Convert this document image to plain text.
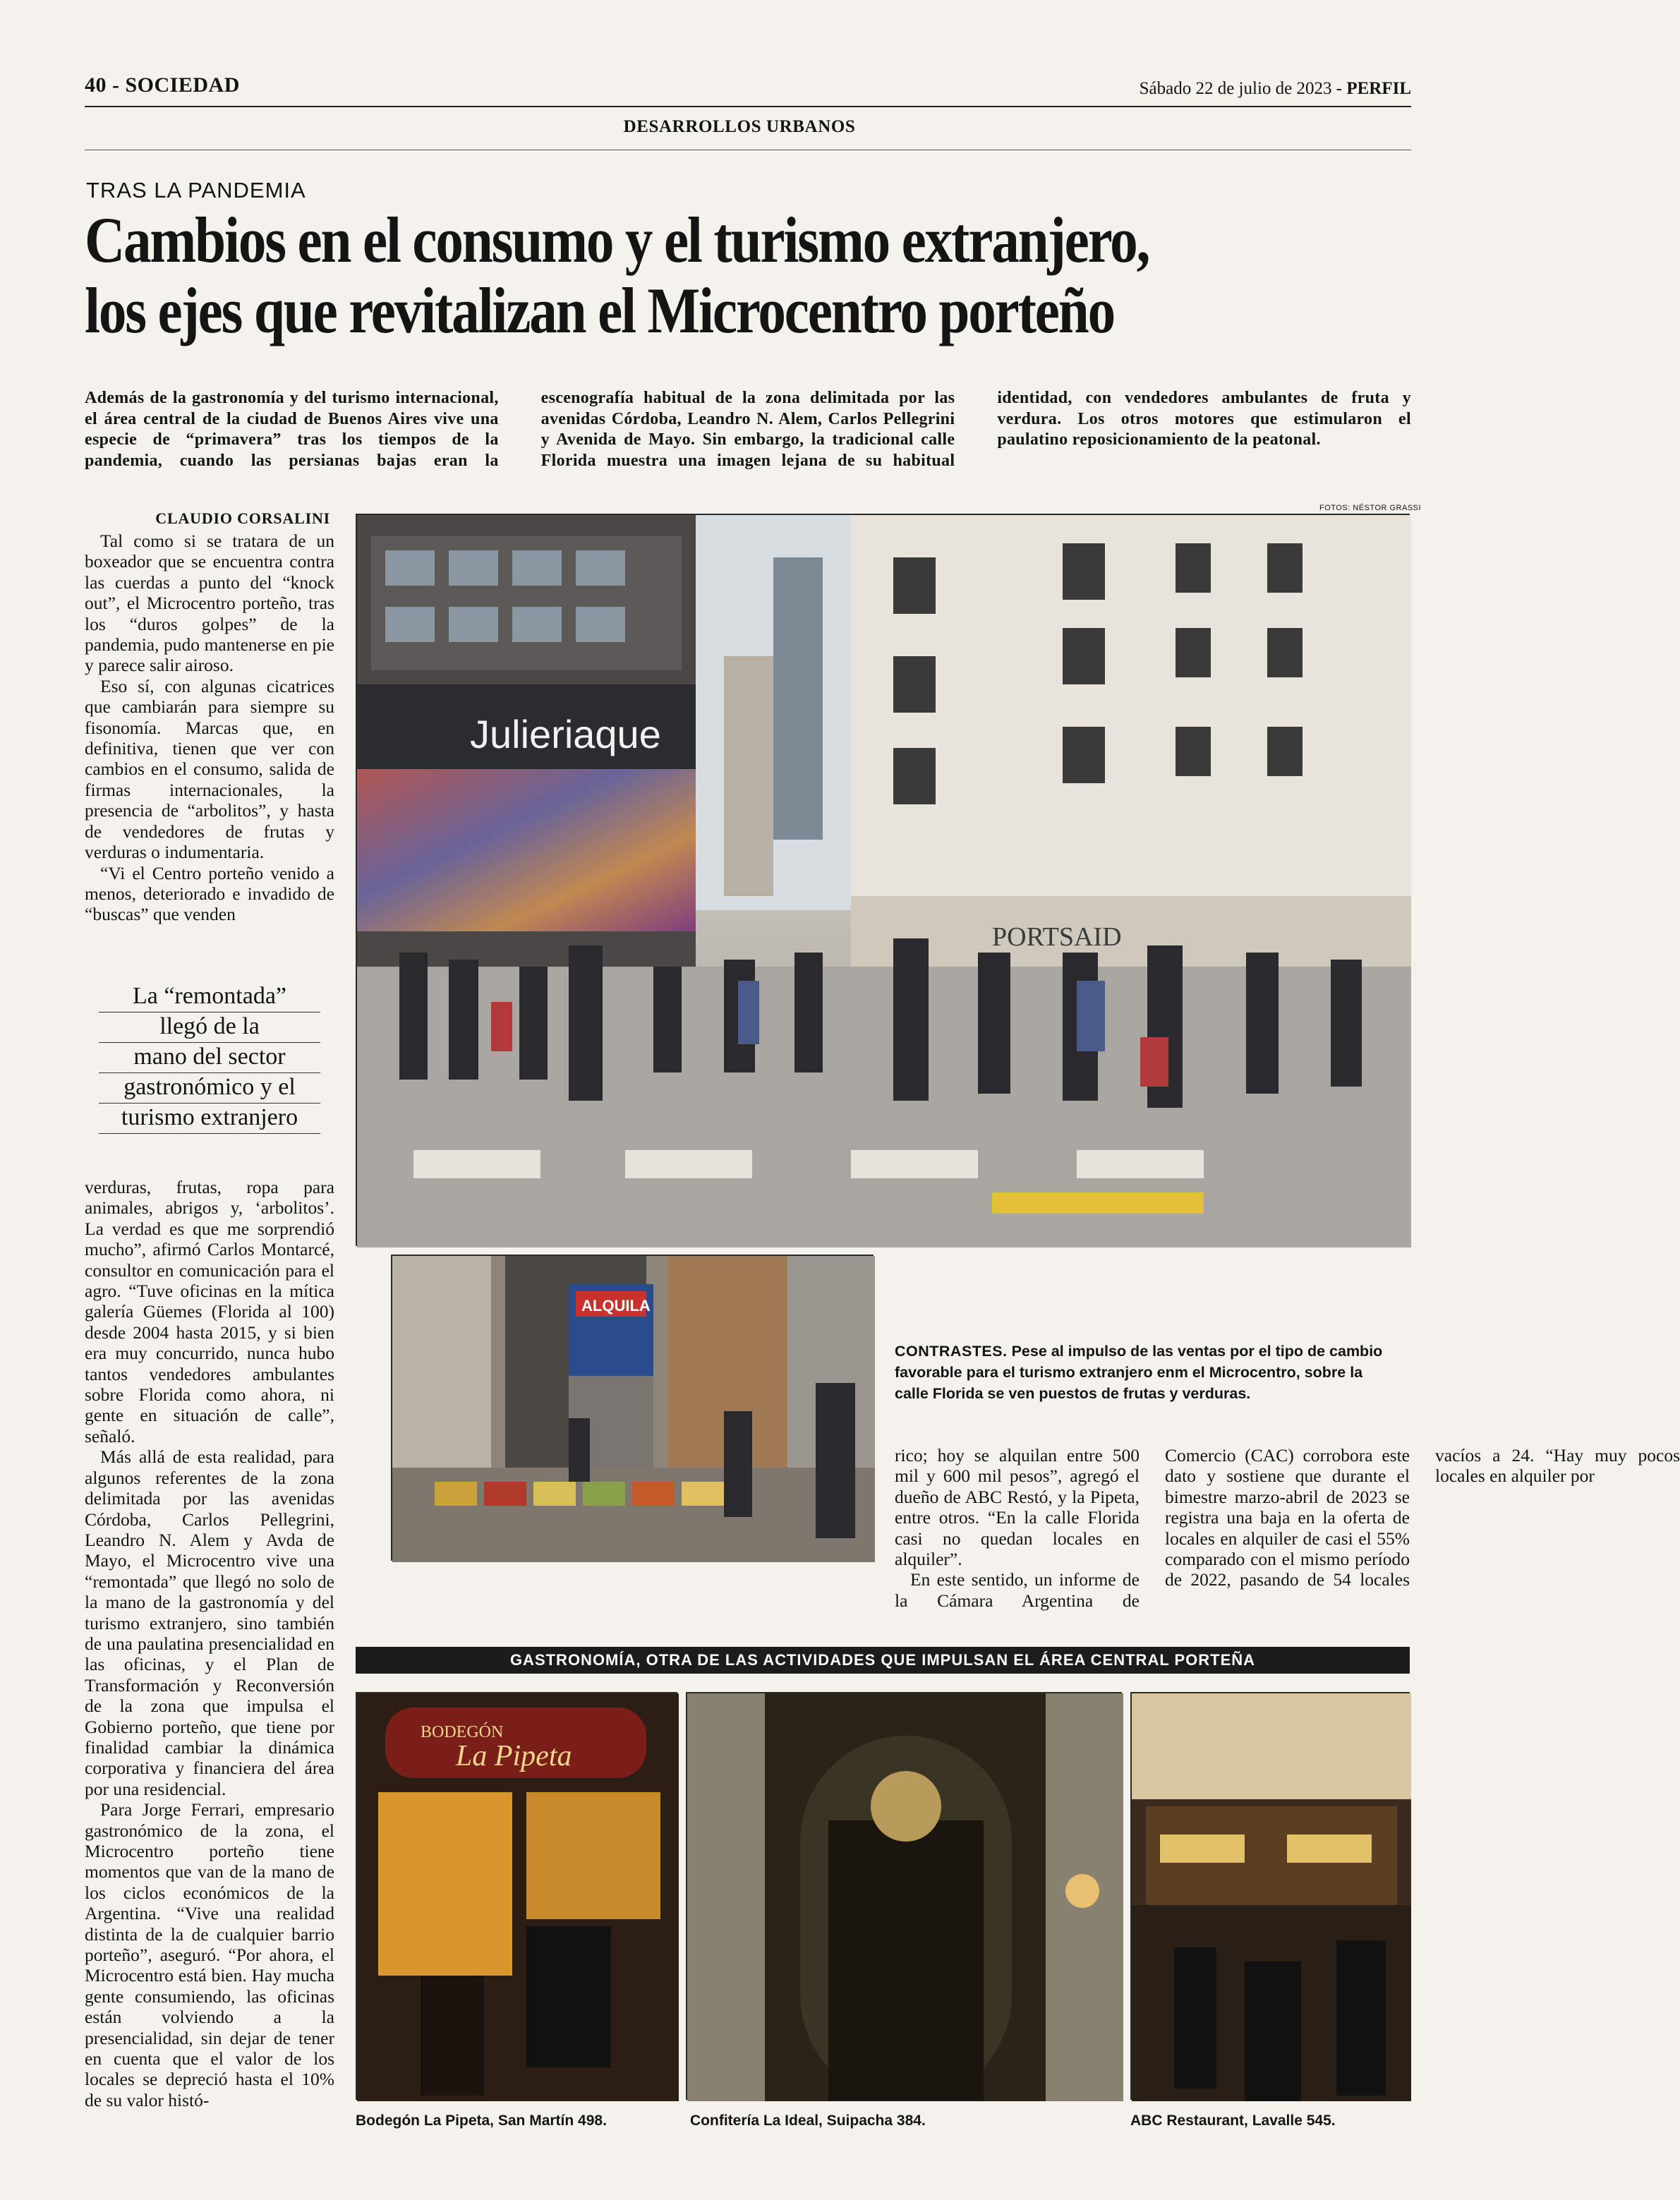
40 - SOCIEDAD	Sábado 22 de julio de 2023 - PERFIL
DESARROLLOS URBANOS
TRAS LA PANDEMIA
Cambios en el consumo y el turismo extranjero,
los ejes que revitalizan el Microcentro porteño
Además de la gastronomía y del turismo internacional, el área central de la ciudad de Buenos Aires vive una especie de “primavera” tras los tiempos de la pandemia, cuando las persianas bajas eran la escenografía habitual de la zona delimitada por las avenidas Córdoba, Leandro N. Alem, Carlos Pellegrini y Avenida de Mayo. Sin embargo, la tradicional calle Florida muestra una imagen lejana de su habitual identidad, con vendedores ambulantes de fruta y verdura. Los otros motores que estimularon el paulatino reposicionamiento de la peatonal.
FOTOS: NÉSTOR GRASSI
CLAUDIO CORSALINI

Tal como si se tratara de un boxeador que se encuentra contra las cuerdas a punto del “knock out”, el Microcentro porteño, tras los “duros golpes” de la pandemia, pudo mantenerse en pie y parece salir airoso.

Eso sí, con algunas cicatrices que cambiarán para siempre su fisonomía. Marcas que, en definitiva, tienen que ver con cambios en el consumo, salida de firmas internacionales, la presencia de “arbolitos”, y hasta de vendedores de frutas y verduras o indumentaria.

“Vi el Centro porteño venido a menos, deteriorado e invadido de “buscas” que venden

La “remontada”
llegó de la
mano del sector
gastronómico y el
turismo extranjero

verduras, frutas, ropa para animales, abrigos y, ‘arbolitos’. La verdad es que me sorprendió mucho”, afirmó Carlos Montarcé, consultor en comunicación para el agro. “Tuve oficinas en la mítica galería Güemes (Florida al 100) desde 2004 hasta 2015, y si bien era muy concurrido, nunca hubo tantos vendedores ambulantes sobre Florida como ahora, ni gente en situación de calle”, señaló.

Más allá de esta realidad, para algunos referentes de la zona delimitada por las avenidas Córdoba, Carlos Pellegrini, Leandro N. Alem y Avda de Mayo, el Microcentro vive una “remontada” que llegó no solo de la mano de la gastronomía y del turismo extranjero, sino también de una paulatina presencialidad en las oficinas, y el Plan de Transformación y Reconversión de la zona que impulsa el Gobierno porteño, que tiene por finalidad cambiar la dinámica corporativa y financiera del área por una residencial.

Para Jorge Ferrari, empresario gastronómico de la zona, el Microcentro porteño tiene momentos que van de la mano de los ciclos económicos de la Argentina. “Vive una realidad distinta de la de cualquier barrio porteño”, aseguró. “Por ahora, el Microcentro está bien. Hay mucha gente consumiendo, las oficinas están volviendo a la presencialidad, sin dejar de tener en cuenta que el valor de los locales se depreció hasta el 10% de su valor histó-

Julieriaque
PORTSAID
ALQUILA
CONTRASTES. Pese al impulso de las ventas por el tipo de cambio favorable para el turismo extranjero enm el Microcentro, sobre la calle Florida se ven puestos de frutas y verduras.

rico; hoy se alquilan entre 500 mil y 600 mil pesos”, agregó el dueño de ABC Restó, y la Pipeta, entre otros. “En la calle Florida casi no quedan locales en alquiler”.

En este sentido, un informe de la Cámara Argentina de Comercio (CAC) corrobora este dato y sostiene que durante el bimestre marzo-abril de 2023 se registra una baja en la oferta de locales en alquiler de casi el 55% comparado con el mismo período de 2022, pasando de 54 locales vacíos a 24. “Hay muy pocos locales en alquiler por

GASTRONOMÍA, OTRA DE LAS ACTIVIDADES QUE IMPULSAN EL ÁREA CENTRAL PORTEÑA
BODEGÓN
La Pipeta
Bodegón La Pipeta, San Martín 498.	Confitería La Ideal, Suipacha 384.	ABC Restaurant, Lavalle 545.
